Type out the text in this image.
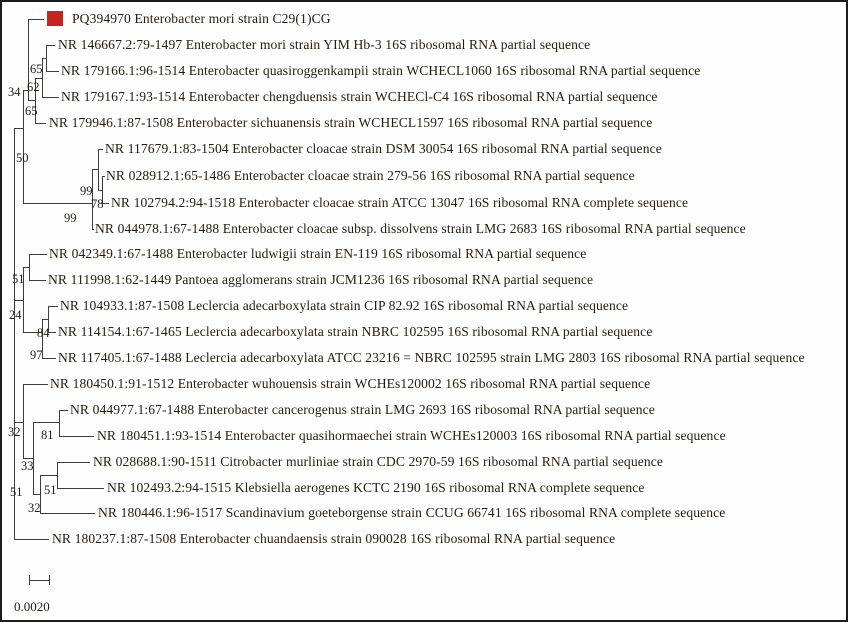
PQ394970 Enterobacter mori strain C29(1)CG
NR 146667.2:79-1497 Enterobacter mori strain YIM Hb-3 16S ribosomal RNA partial sequence
NR 179166.1:96-1514 Enterobacter quasiroggenkampii strain WCHECL1060 16S ribosomal RNA partial sequence
NR 179167.1:93-1514 Enterobacter chengduensis strain WCHECl-C4 16S ribosomal RNA partial sequence
NR 179946.1:87-1508 Enterobacter sichuanensis strain WCHECL1597 16S ribosomal RNA partial sequence
NR 117679.1:83-1504 Enterobacter cloacae strain DSM 30054 16S ribosomal RNA partial sequence
NR 028912.1:65-1486 Enterobacter cloacae strain 279-56 16S ribosomal RNA partial sequence
NR 102794.2:94-1518 Enterobacter cloacae strain ATCC 13047 16S ribosomal RNA complete sequence
NR 044978.1:67-1488 Enterobacter cloacae subsp. dissolvens strain LMG 2683 16S ribosomal RNA partial sequence
NR 042349.1:67-1488 Enterobacter ludwigii strain EN-119 16S ribosomal RNA partial sequence
NR 111998.1:62-1449 Pantoea agglomerans strain JCM1236 16S ribosomal RNA partial sequence
NR 104933.1:87-1508 Leclercia adecarboxylata strain CIP 82.92 16S ribosomal RNA partial sequence
NR 114154.1:67-1465 Leclercia adecarboxylata strain NBRC 102595 16S ribosomal RNA partial sequence
NR 117405.1:67-1488 Leclercia adecarboxylata ATCC 23216 = NBRC 102595 strain LMG 2803 16S ribosomal RNA partial sequence
NR 180450.1:91-1512 Enterobacter wuhouensis strain WCHEs120002 16S ribosomal RNA partial sequence
NR 044977.1:67-1488 Enterobacter cancerogenus strain LMG 2693 16S ribosomal RNA partial sequence
NR 180451.1:93-1514 Enterobacter quasihormaechei strain WCHEs120003 16S ribosomal RNA partial sequence
NR 028688.1:90-1511 Citrobacter murliniae strain CDC 2970-59 16S ribosomal RNA partial sequence
NR 102493.2:94-1515 Klebsiella aerogenes KCTC 2190 16S ribosomal RNA complete sequence
NR 180446.1:96-1517 Scandinavium goeteborgense strain CCUG 66741 16S ribosomal RNA complete sequence
NR 180237.1:87-1508 Enterobacter chuandaensis strain 090028 16S ribosomal RNA partial sequence
65
34 62
65
50
99
78
99
51
24
84
97
32 81
33
51
51
32
0.0020
